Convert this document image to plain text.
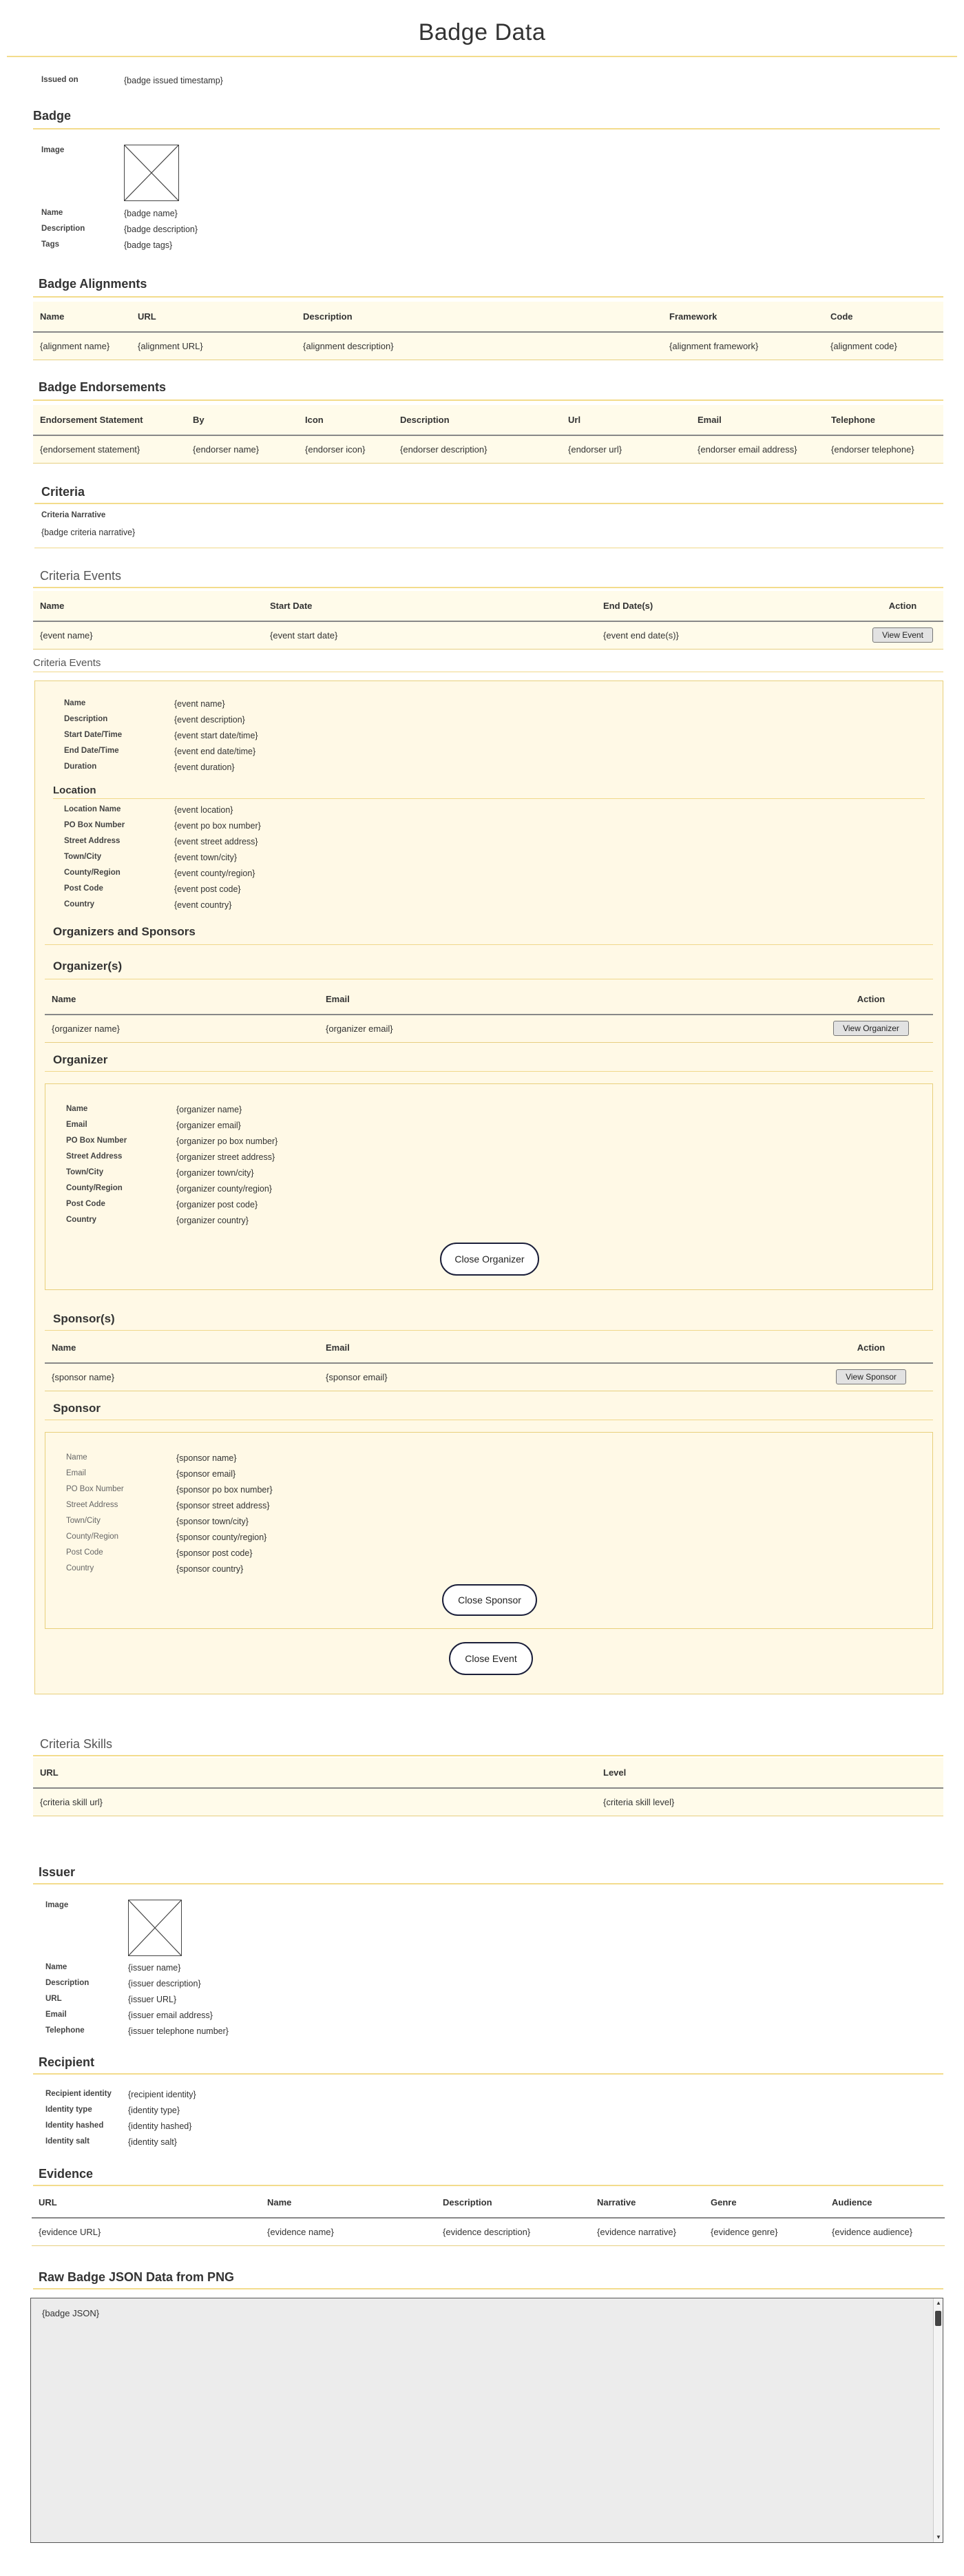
Badge Data
Issued on	{badge issued timestamp}
Badge
Image
Name	{badge name}
Description	{badge description}
Tags	{badge tags}
Badge Alignments
Name	URL	Description	Framework	Code
{alignment name}	{alignment URL}	{alignment description}	{alignment framework}	{alignment code}
Badge Endorsements
Endorsement Statement	By	Icon	Description	Url	Email	Telephone
{endorsement statement}	{endorser name}	{endorser icon}	{endorser description}	{endorser url}	{endorser email address}	{endorser telephone}
Criteria
Criteria Narrative
{badge criteria narrative}
Criteria Events
Name	Start Date	End Date(s)	Action
{event name}	{event start date}	{event end date(s)}	View Event
Criteria Events
Name	{event name}
Description	{event description}
Start Date/Time	{event start date/time}
End Date/Time	{event end date/time}
Duration	{event duration}
Location
Location Name	{event location}
PO Box Number	{event po box number}
Street Address	{event street address}
Town/City	{event town/city}
County/Region	{event county/region}
Post Code	{event post code}
Country	{event country}
Organizers and Sponsors
Organizer(s)
Name	Email	Action
{organizer name}	{organizer email}	View Organizer
Organizer
Name	{organizer name}
Email	{organizer email}
PO Box Number	{organizer po box number}
Street Address	{organizer street address}
Town/City	{organizer town/city}
County/Region	{organizer county/region}
Post Code	{organizer post code}
Country	{organizer country}
Close Organizer
Sponsor(s)
Name	Email	Action
{sponsor name}	{sponsor email}	View Sponsor
Sponsor
Name	{sponsor name}
Email	{sponsor email}
PO Box Number	{sponsor po box number}
Street Address	{sponsor street address}
Town/City	{sponsor town/city}
County/Region	{sponsor county/region}
Post Code	{sponsor post code}
Country	{sponsor country}
Close Sponsor
Close Event
Criteria Skills
URL	Level
{criteria skill url}	{criteria skill level}
Issuer
Image
Name	{issuer name}
Description	{issuer description}
URL	{issuer URL}
Email	{issuer email address}
Telephone	{issuer telephone number}
Recipient
Recipient identity {recipient identity}
Identity type	{identity type}
Identity hashed	{identity hashed}
Identity salt	{identity salt}
Evidence
URL	Name	Description	Narrative	Genre	Audience
{evidence URL}	{evidence name}	{evidence description}	{evidence narrative}	{evidence genre}	{evidence audience}
Raw Badge JSON Data from PNG
{badge JSON}
▲
▼
